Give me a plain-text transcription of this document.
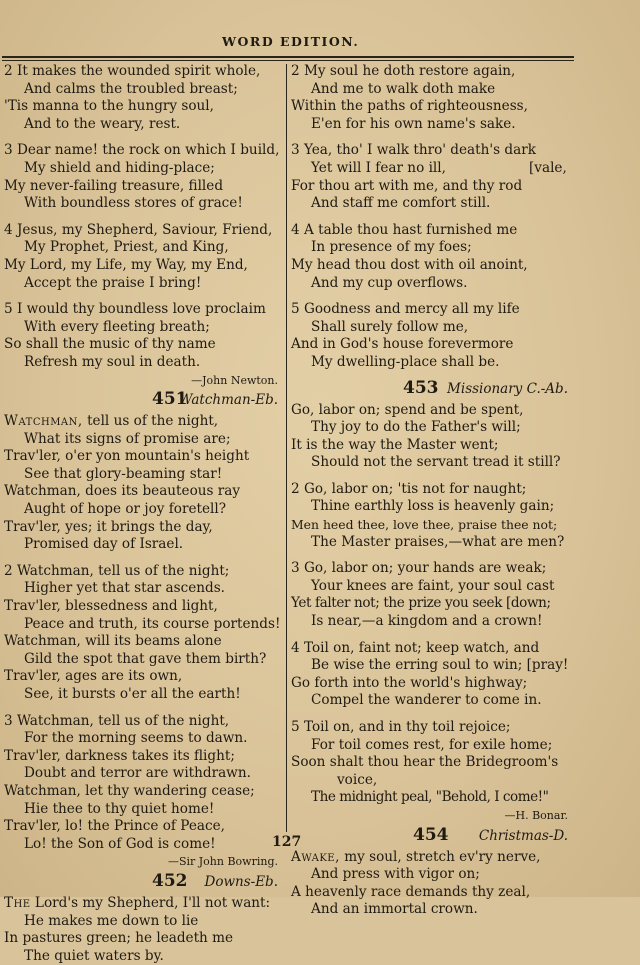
WORD EDITION.
2 It makes the wounded spirit whole,
And calms the troubled breast;
'Tis manna to the hungry soul,
And to the weary, rest.
3 Dear name! the rock on which I build,
My shield and hiding-place;
My never-failing treasure, filled
With boundless stores of grace!
4 Jesus, my Shepherd, Saviour, Friend,
My Prophet, Priest, and King,
My Lord, my Life, my Way, my End,
Accept the praise I bring!
5 I would thy boundless love proclaim
With every fleeting breath;
So shall the music of thy name
Refresh my soul in death.
—John Newton.
451
Watchman-Eb.
Watchman, tell us of the night,
What its signs of promise are;
Trav'ler, o'er yon mountain's height
See that glory-beaming star!
Watchman, does its beauteous ray
Aught of hope or joy foretell?
Trav'ler, yes; it brings the day,
Promised day of Israel.
2 Watchman, tell us of the night;
Higher yet that star ascends.
Trav'ler, blessedness and light,
Peace and truth, its course portends!
Watchman, will its beams alone
Gild the spot that gave them birth?
Trav'ler, ages are its own,
See, it bursts o'er all the earth!
3 Watchman, tell us of the night,
For the morning seems to dawn.
Trav'ler, darkness takes its flight;
Doubt and terror are withdrawn.
Watchman, let thy wandering cease;
Hie thee to thy quiet home!
Trav'ler, lo! the Prince of Peace,
Lo! the Son of God is come!
—Sir John Bowring.
452 Downs-Eb.
The Lord's my Shepherd, I'll not want:
He makes me down to lie
In pastures green; he leadeth me
The quiet waters by.
2 My soul he doth restore again,
And me to walk doth make
Within the paths of righteousness,
E'en for his own name's sake.
3 Yea, tho' I walk thro' death's dark
Yet will I fear no ill,	[vale,
For thou art with me, and thy rod
And staff me comfort still.
4 A table thou hast furnished me
In presence of my foes;
My head thou dost with oil anoint,
And my cup overflows.
5 Goodness and mercy all my life
Shall surely follow me,
And in God's house forevermore
My dwelling-place shall be.
453 Missionary C.-Ab.
Go, labor on; spend and be spent,
Thy joy to do the Father's will;
It is the way the Master went;
Should not the servant tread it still?
2 Go, labor on; 'tis not for naught;
Thine earthly loss is heavenly gain;
Men heed thee, love thee, praise thee not;
The Master praises,—what are men?
3 Go, labor on; your hands are weak;
Your knees are faint, your soul cast
Yet falter not; the prize you seek [down;
Is near,—a kingdom and a crown!
4 Toil on, faint not; keep watch, and
Be wise the erring soul to win; [pray!
Go forth into the world's highway;
Compel the wanderer to come in.
5 Toil on, and in thy toil rejoice;
For toil comes rest, for exile home;
Soon shalt thou hear the Bridegroom's
voice,
The midnight peal, "Behold, I come!"
—H. Bonar.
454 Christmas-D.
Awake, my soul, stretch ev'ry nerve,
And press with vigor on;
A heavenly race demands thy zeal,
And an immortal crown.
127
